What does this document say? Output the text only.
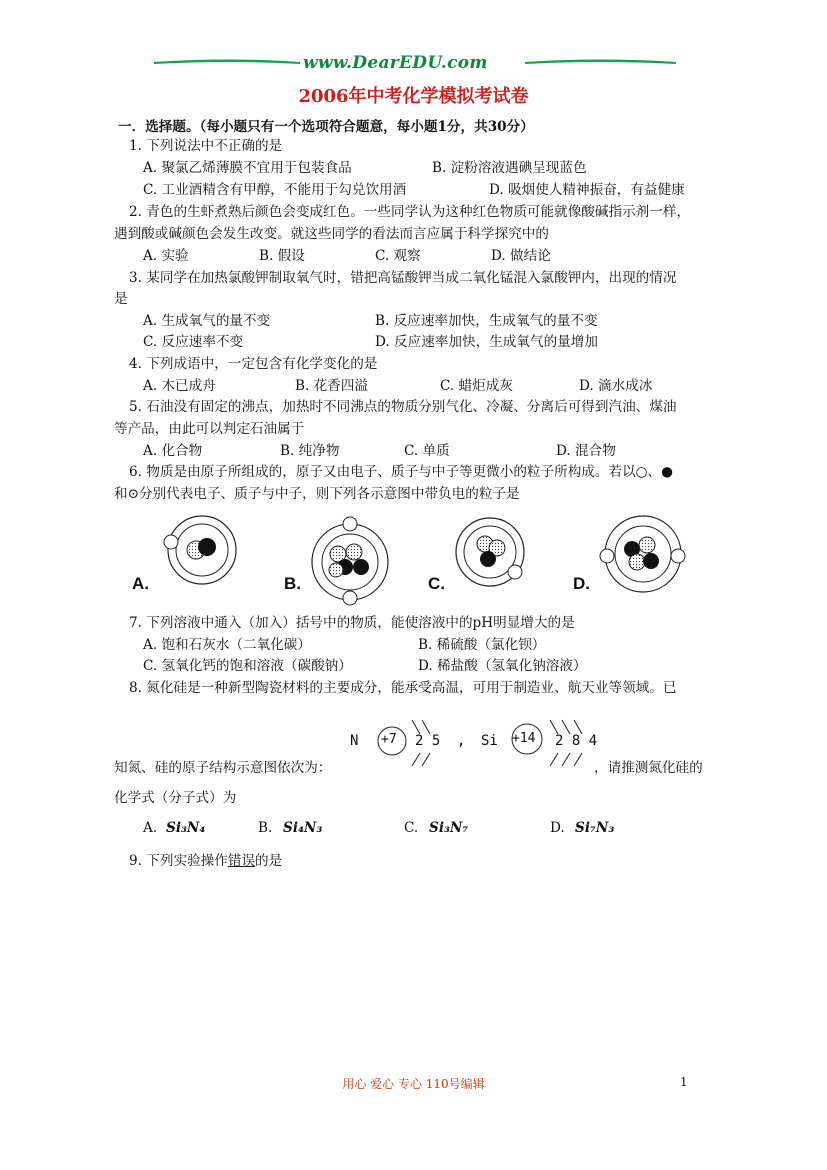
www.DearEDU.com
2006年中考化学模拟考试卷
一．选择题。（每小题只有一个选项符合题意，每小题1分，共30分）
1. 下列说法中不正确的是
A. 聚氯乙烯薄膜不宜用于包装食品	B. 淀粉溶液遇碘呈现蓝色
C. 工业酒精含有甲醇，不能用于勾兑饮用酒	D. 吸烟使人精神振奋，有益健康
2. 青色的生虾煮熟后颜色会变成红色。一些同学认为这种红色物质可能就像酸碱指示剂一样，
遇到酸或碱颜色会发生改变。就这些同学的看法而言应属于科学探究中的
A. 实验	B. 假设	C. 观察	D. 做结论
3. 某同学在加热氯酸钾制取氧气时，错把高锰酸钾当成二氧化锰混入氯酸钾内，出现的情况
是
A. 生成氧气的量不变	B. 反应速率加快，生成氧气的量不变
C. 反应速率不变	D. 反应速率加快，生成氧气的量增加
4. 下列成语中，一定包含有化学变化的是
A. 木已成舟	B. 花香四溢	C. 蜡炬成灰	D. 滴水成冰
5. 石油没有固定的沸点，加热时不同沸点的物质分别气化、冷凝、分离后可得到汽油、煤油
等产品，由此可以判定石油属于
A. 化合物	B. 纯净物	C. 单质	D. 混合物
6. 物质是由原子所组成的，原子又由电子、质子与中子等更微小的粒子所构成。若以○、●
和⊙分别代表电子、质子与中子，则下列各示意图中带负电的粒子是
A.	B.	C.	D.
7. 下列溶液中通入（加入）括号中的物质，能使溶液中的pH明显增大的是
A. 饱和石灰水（二氧化碳）	B. 稀硫酸（氯化钡）
C. 氢氧化钙的饱和溶液（碳酸钠）	D. 稀盐酸（氢氧化钠溶液）
8. 氮化硅是一种新型陶瓷材料的主要成分，能承受高温，可用于制造业、航天业等领域。已
N +7 2 5 , Si +14 2 8 4
知氮、硅的原子结构示意图依次为：	，请推测氮化硅的
化学式（分子式）为
A. Si₃N₄	B. Si₄N₃	C. Si₃N₇	D. Si₇N₃
9. 下列实验操作错误的是
用心 爱心 专心 110号编辑	1
